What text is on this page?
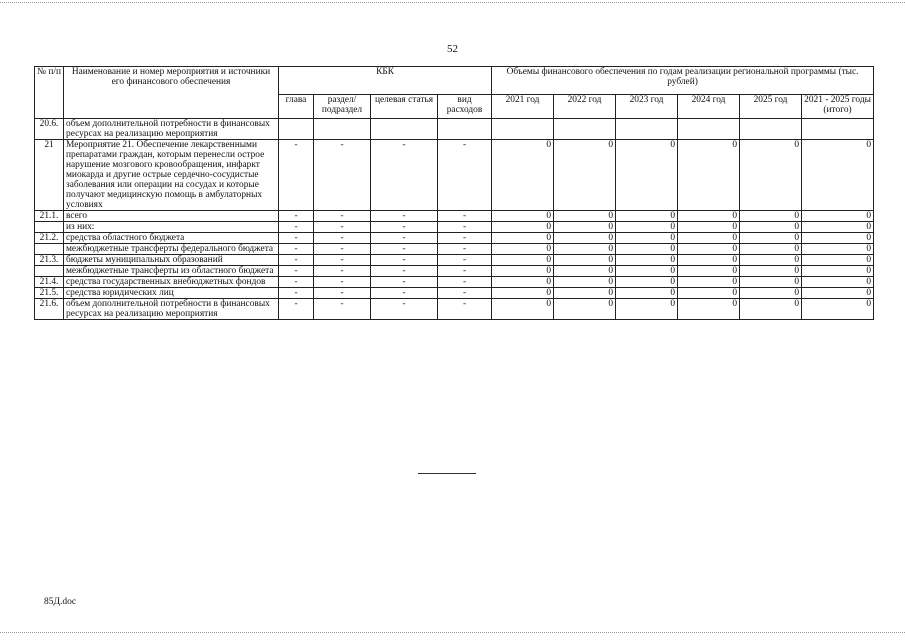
52
№ п/п	Наименование и номер мероприятия и источники его финансового обеспечения	КБК				Объемы финансового обеспечения по годам реализации региональной программы (тыс. рублей)					
		глава	раздел/ подраздел	целевая статья	вид расходов	2021 год	2022 год	2023 год	2024 год	2025 год	2021 - 2025 годы (итого)
20.6.	объем дополнительной потребности в финансовых ресурсах на реализацию мероприятия										
21	Мероприятие 21. Обеспечение лекарственными препаратами граждан, которым перенесли острое нарушение мозгового кровообращения, инфаркт миокарда и другие острые сердечно-сосудистые заболевания или операции на сосудах и которые получают медицинскую помощь в амбулаторных условиях	-	-	-	-	0	0	0	0	0	0
21.1.	всего	-	-	-	-	0	0	0	0	0	0
	из них:	-	-	-	-	0	0	0	0	0	0
21.2.	средства областного бюджета	-	-	-	-	0	0	0	0	0	0
	межбюджетные трансферты федерального бюджета	-	-	-	-	0	0	0	0	0	0
21.3.	бюджеты муниципальных образований	-	-	-	-	0	0	0	0	0	0
	межбюджетные трансферты из областного бюджета	-	-	-	-	0	0	0	0	0	0
21.4.	средства государственных внебюджетных фондов	-	-	-	-	0	0	0	0	0	0
21.5.	средства юридических лиц	-	-	-	-	0	0	0	0	0	0
21.6.	объем дополнительной потребности в финансовых ресурсах на реализацию мероприятия	-	-	-	-	0	0	0	0	0	0
85Д.doc
